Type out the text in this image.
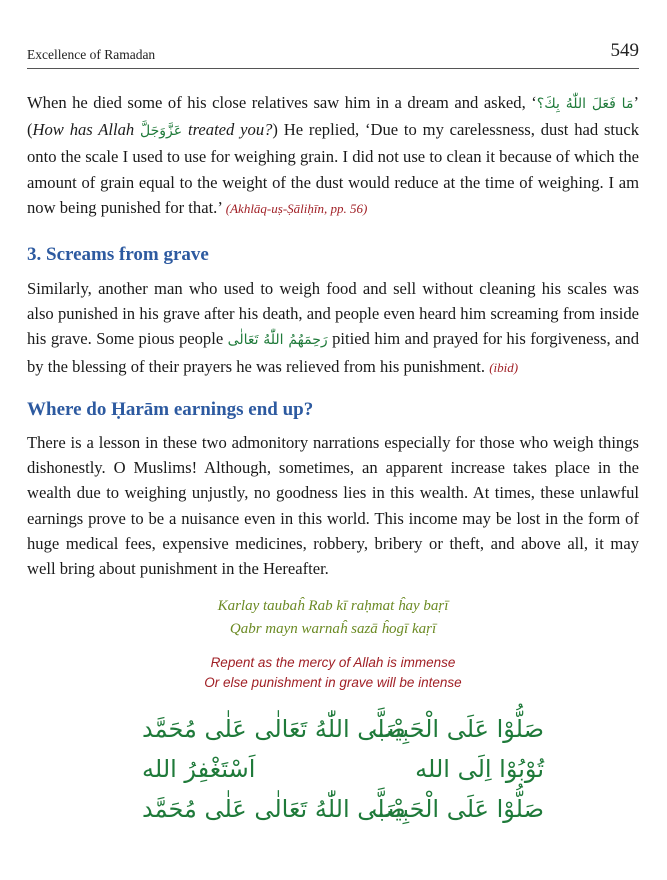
Excellence of Ramadan	549

When he died some of his close relatives saw him in a dream and asked, ‘مَا فَعَلَ اللّٰهُ بِكَ؟’ (How has Allah عَزَّوَجَلَّ treated you?) He replied, ‘Due to my carelessness, dust had stuck onto the scale I used to use for weighing grain. I did not use to clean it because of which the amount of grain equal to the weight of the dust would reduce at the time of weighing. I am now being punished for that.’ (Akhlāq-uṣ-Ṣāliḥīn, pp. 56)

3. Screams from grave

Similarly, another man who used to weigh food and sell without cleaning his scales was also punished in his grave after his death, and people even heard him screaming from inside his grave. Some pious people رَحِمَهُمُ اللّٰهُ تَعَالٰی pitied him and prayed for his forgiveness, and by the blessing of their prayers he was relieved from his punishment. (ibid)

Where do Ḥarām earnings end up?

There is a lesson in these two admonitory narrations especially for those who weigh things dishonestly. O Muslims! Although, sometimes, an apparent increase takes place in the wealth due to weighing unjustly, no goodness lies in this wealth. At times, these unlawful earnings prove to be a nuisance even in this world. This income may be lost in the form of huge medical fees, expensive medicines, robbery, bribery or theft, and above all, it may well bring about punishment in the Hereafter.

Karlay taubaĥ Rab kī raḥmat ĥay baṛī
Qabr mayn warnaĥ sazā ĥogī kaṛī
Repent as the mercy of Allah is immense
Or else punishment in grave will be intense
صَلُّوْا عَلَى الْحَبِیْب
صَلَّى اللّٰهُ تَعَالٰى عَلٰى مُحَمَّد
تُوْبُوْا اِلَى الله
اَسْتَغْفِرُ الله
صَلُّوْا عَلَى الْحَبِیْب
صَلَّى اللّٰهُ تَعَالٰى عَلٰى مُحَمَّد
